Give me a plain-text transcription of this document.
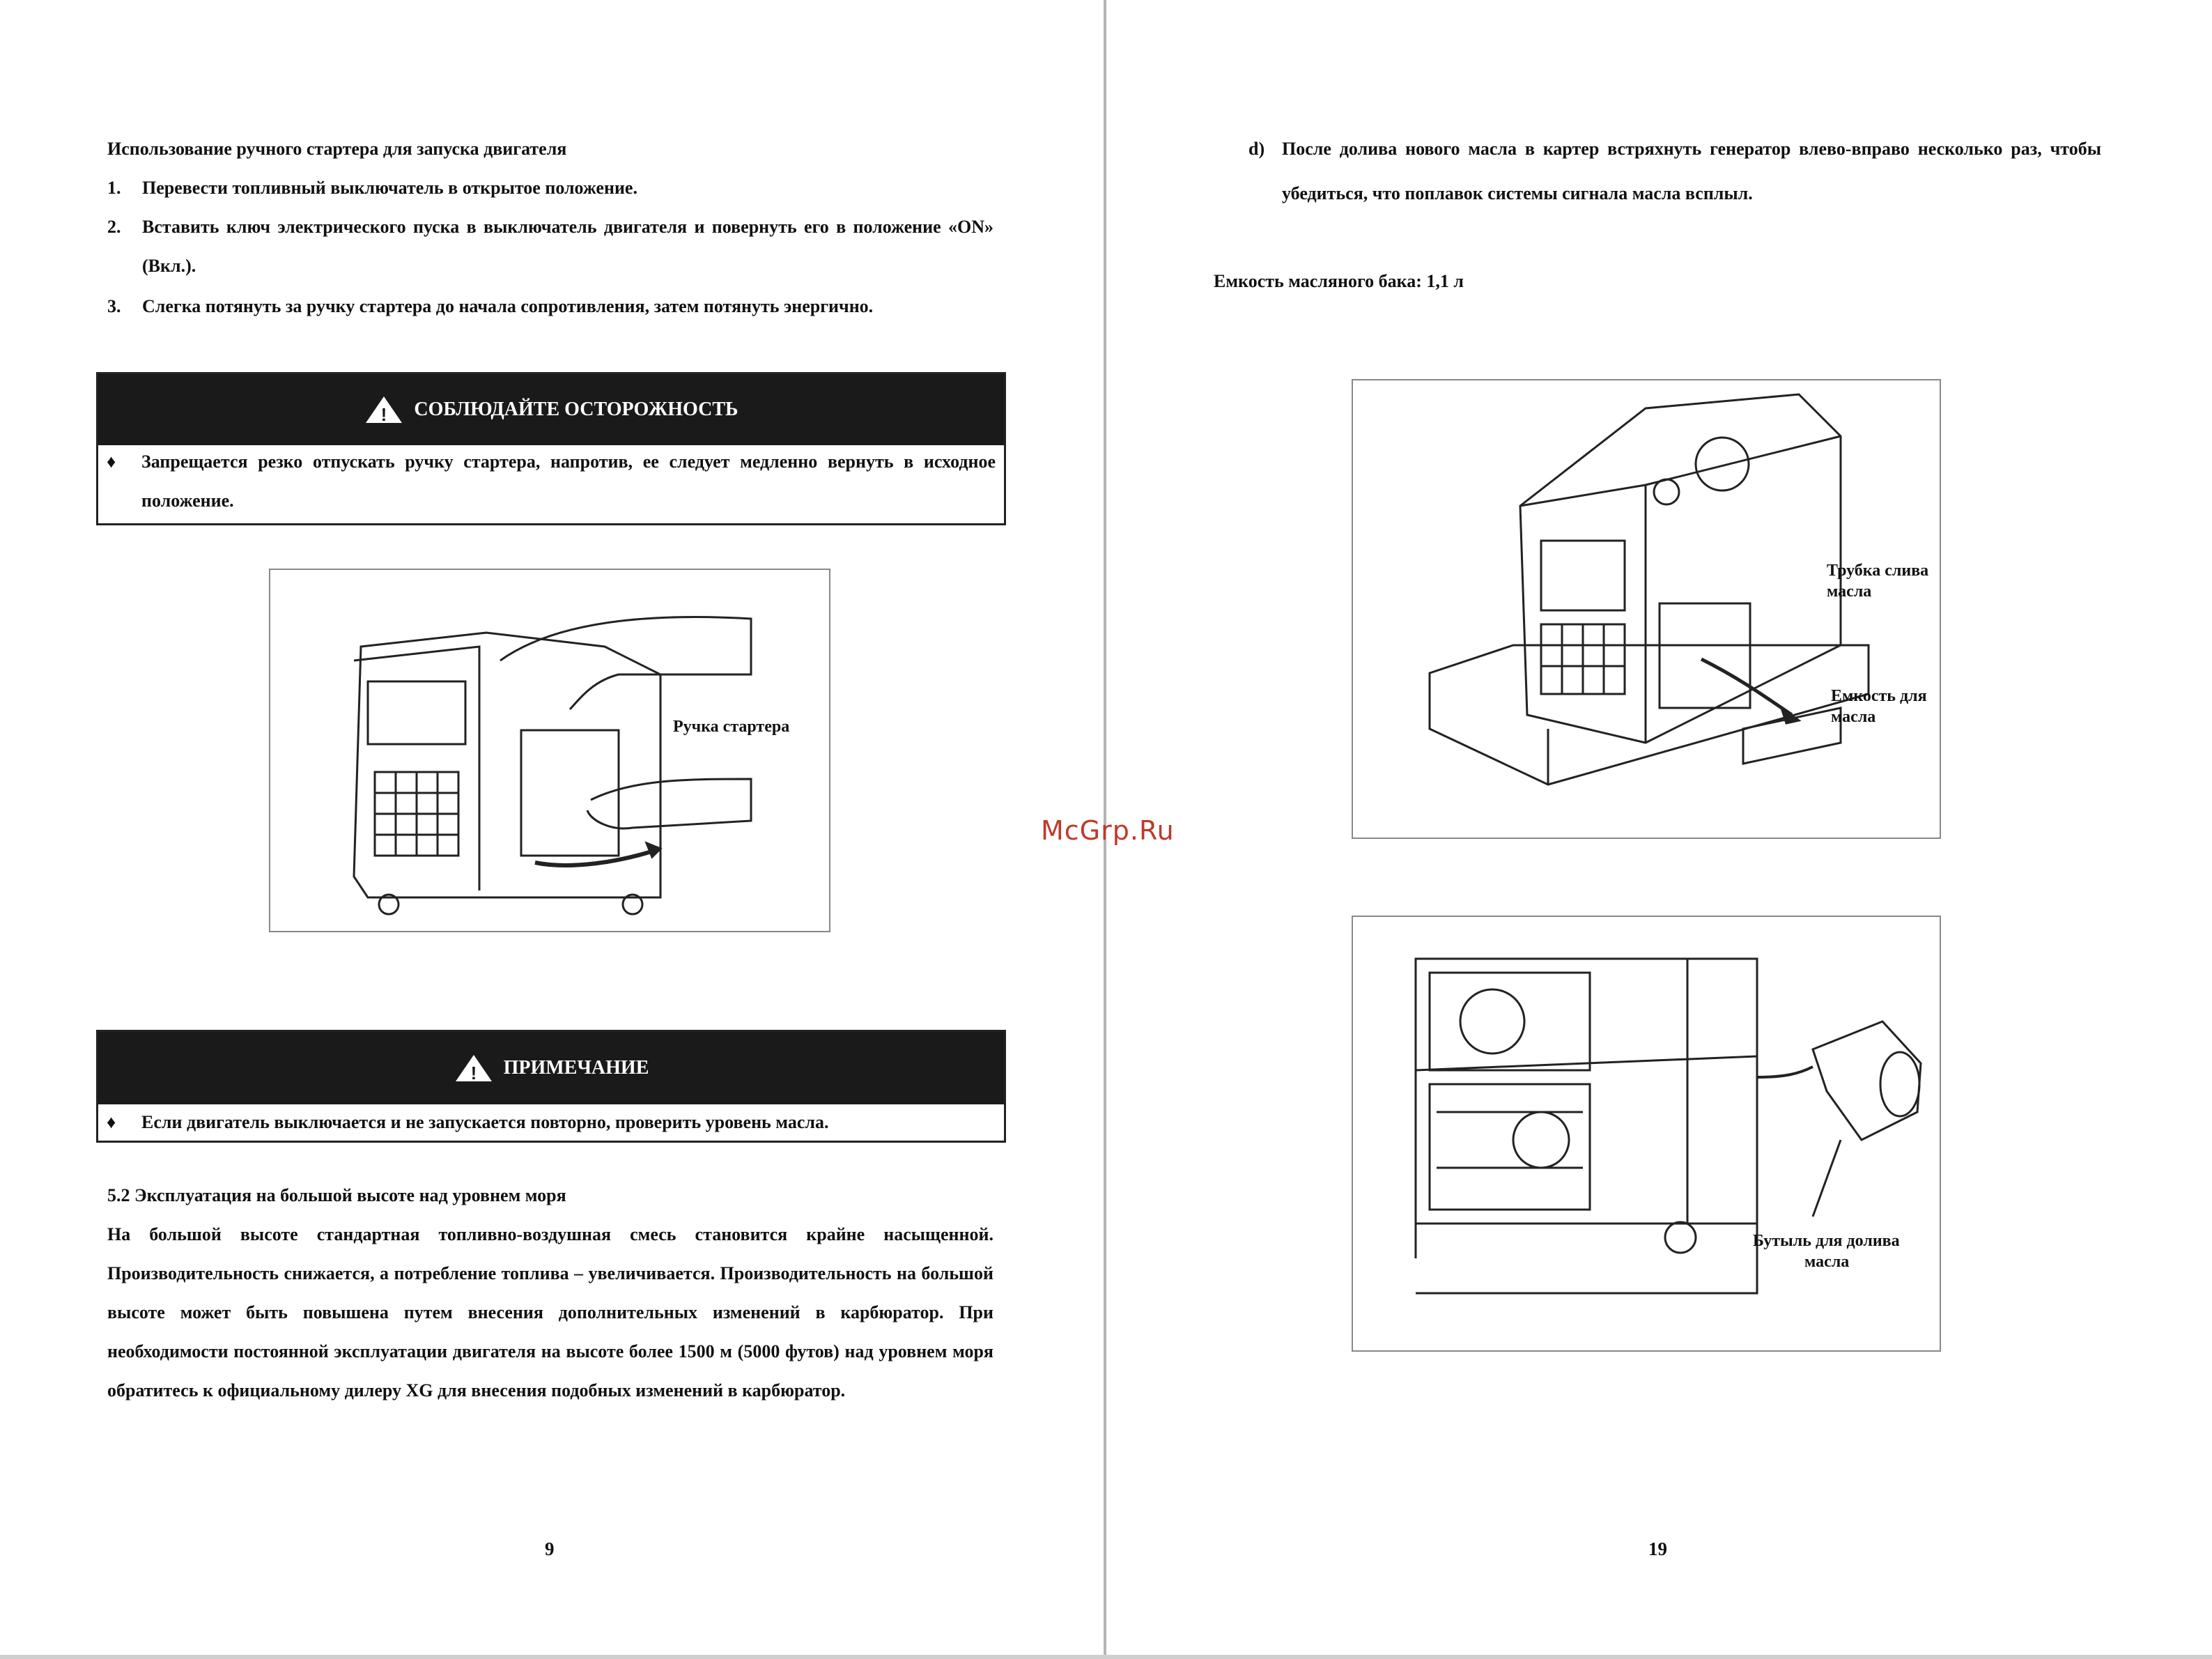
Использование ручного стартера для запуска двигателя
1. Перевести топливный выключатель в открытое положение.
2. Вставить ключ электрического пуска в выключатель двигателя и повернуть его в положение «ON»
(Вкл.).
3. Слегка потянуть за ручку стартера до начала сопротивления, затем потянуть энергично.
! СОБЛЮДАЙТЕ ОСТОРОЖНОСТЬ
♦ Запрещается резко отпускать ручку стартера, напротив, ее следует медленно вернуть в исходное
положение.
Ручка стартера
! ПРИМЕЧАНИЕ
♦ Если двигатель выключается и не запускается повторно, проверить уровень масла.
5.2 Эксплуатация на большой высоте над уровнем моря
На большой высоте стандартная топливно-воздушная смесь становится крайне насыщенной.
Производительность снижается, а потребление топлива – увеличивается. Производительность на большой
высоте может быть повышена путем внесения дополнительных изменений в карбюратор. При
необходимости постоянной эксплуатации двигателя на высоте более 1500 м (5000 футов) над уровнем моря
обратитесь к официальному дилеру XG для внесения подобных изменений в карбюратор.
9
d) После долива нового масла в картер встряхнуть генератор влево-вправо несколько раз, чтобы
убедиться, что поплавок системы сигнала масла всплыл.
Емкость масляного бака: 1,1 л
Трубка слива
масла
Емкость для
масла
Бутыль для долива
масла
19
McGrp.Ru
